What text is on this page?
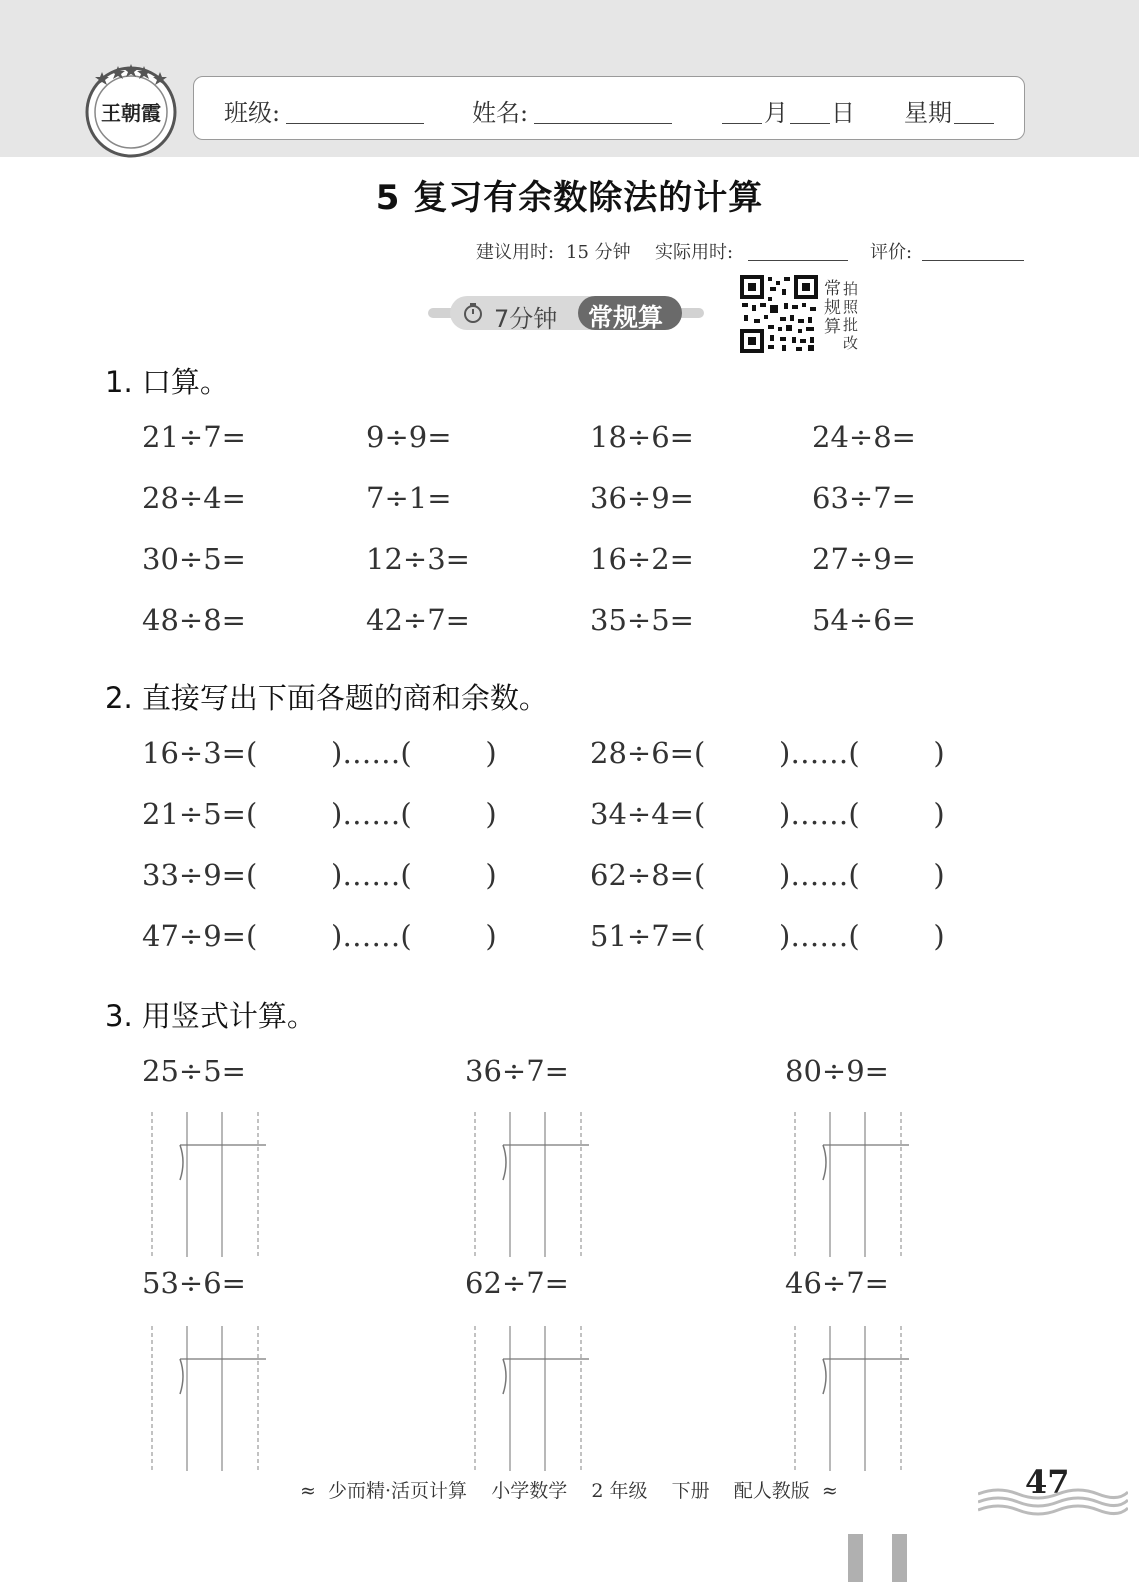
王朝霞	班级:	姓名:	月 日 星期
5 复习有余数除法的计算
建议用时: 15 分钟 实际用时:	评价:
7分钟 常规算
常规算
拍照批改
1. 口算。
21÷7=	9÷9=	18÷6=	24÷8=
28÷4=	7÷1=	36÷9=	63÷7=
30÷5=	12÷3=	16÷2=	27÷9=
48÷8=	42÷7=	35÷5=	54÷6=
2. 直接写出下面各题的商和余数。
16÷3=(        )……(        )	28÷6=(        )……(        )
21÷5=(        )……(        )	34÷4=(        )……(        )
33÷9=(        )……(        )	62÷8=(        )……(        )
47÷9=(        )……(        )	51÷7=(        )……(        )
3. 用竖式计算。
25÷5=	36÷7=	80÷9=
53÷6=	62÷7=	46÷7=
≈  少而精·活页计算    小学数学    2 年级    下册    配人教版  ≈	47
